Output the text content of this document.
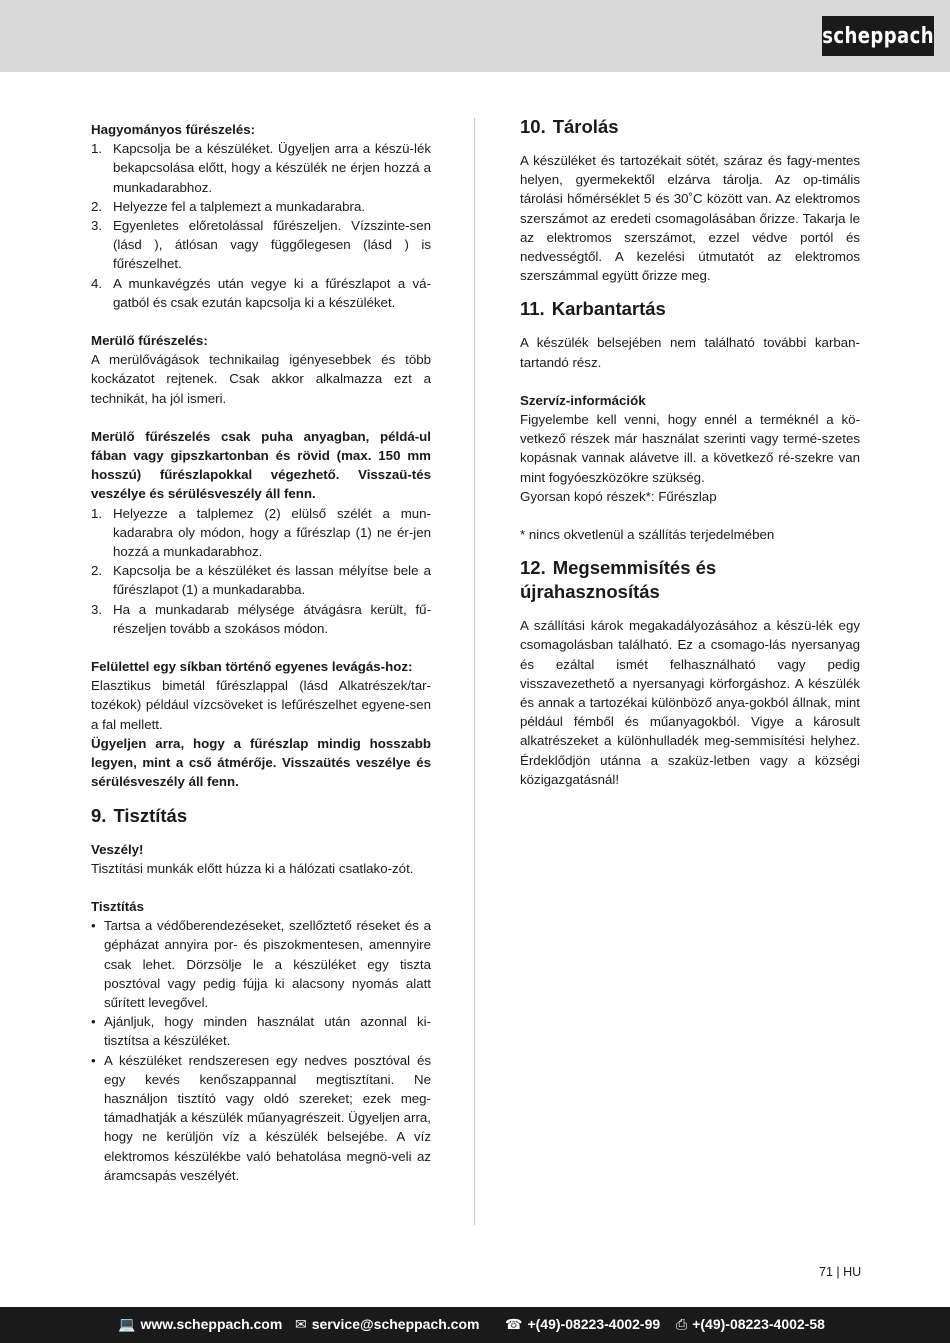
scheppach

Hagyományos fűrészelés:

1. Kapcsolja be a készüléket. Ügyeljen arra a készü-lék bekapcsolása előtt, hogy a készülék ne érjen hozzá a munkadarabhoz.
2. Helyezze fel a talplemezt a munkadarabra.
3. Egyenletes előretolással fűrészeljen. Vízszinte-sen (lásd ), átlósan vagy függőlegesen (lásd ) is fűrészelhet.
4. A munkavégzés után vegye ki a fűrészlapot a vá-gatból és csak ezután kapcsolja ki a készüléket.

Merülő fűrészelés:

A merülővágások technikailag igényesebbek és több kockázatot rejtenek. Csak akkor alkalmazza ezt a technikát, ha jól ismeri.

Merülő fűrészelés csak puha anyagban, példá-ul fában vagy gipszkartonban és rövid (max. 150 mm hosszú) fűrészlapokkal végezhető. Visszaü-tés veszélye és sérülésveszély áll fenn.

1. Helyezze a talplemez (2) elülső szélét a mun-kadarabra oly módon, hogy a fűrészlap (1) ne ér-jen hozzá a munkadarabhoz.
2. Kapcsolja be a készüléket és lassan mélyítse bele a fűrészlapot (1) a munkadarabba.
3. Ha a munkadarab mélysége átvágásra került, fű-részeljen tovább a szokásos módon.

Felülettel egy síkban történő egyenes levágás-hoz:

Elasztikus bimetál fűrészlappal (lásd Alkatrészek/tar-tozékok) például vízcsöveket is lefűrészelhet egyene-sen a fal mellett.

Ügyeljen arra, hogy a fűrészlap mindig hosszabb legyen, mint a cső átmérője. Visszaütés veszélye és sérülésveszély áll fenn.

9. Tisztítás

Veszély!

Tisztítási munkák előtt húzza ki a hálózati csatlako-zót.

Tisztítás

• Tartsa a védőberendezéseket, szellőztető réseket és a gépházat annyira por- és piszokmentesen, amennyire csak lehet. Dörzsölje le a készüléket egy tiszta posztóval vagy pedig fújja ki alacsony nyomás alatt sűrített levegővel.
• Ajánljuk, hogy minden használat után azonnal ki-tisztítsa a készüléket.
• A készüléket rendszeresen egy nedves posztóval és egy kevés kenőszappannal megtisztítani. Ne használjon tisztító vagy oldó szereket; ezek meg-támadhatják a készülék műanyagrészeit. Ügyeljen arra, hogy ne kerüljön víz a készülék belsejébe. A víz elektromos készülékbe való behatolása megnö-veli az áramcsapás veszélyét.
10. Tárolás

A készüléket és tartozékait sötét, száraz és fagy-mentes helyen, gyermekektől elzárva tárolja. Az op-timális tárolási hőmérséklet 5 és 30˚C között van. Az elektromos szerszámot az eredeti csomagolásában őrizze. Takarja le az elektromos szerszámot, ezzel védve portól és nedvességtől. A kezelési útmutatót az elektromos szerszámmal együtt őrizze meg.

11. Karbantartás

A készülék belsejében nem található további karban-tartandó rész.

Szervíz-információk

Figyelembe kell venni, hogy ennél a terméknél a kö-vetkező részek már használat szerinti vagy termé-szetes kopásnak vannak alávetve ill. a következő ré-szekre van mint fogyóeszközökre szükség.

Gyorsan kopó részek*: Fűrészlap

* nincs okvetlenül a szállítás terjedelmében

12. Megsemmisítés és újrahasznosítás

A szállítási károk megakadályozásához a készü-lék egy csomagolásban található. Ez a csomago-lás nyersanyag és ezáltal ismét felhasználható vagy pedig visszavezethető a nyersanyagi körforgáshoz. A készülék és annak a tartozékai különböző anya-gokból állnak, mint például fémből és műanyagokból. Vigye a károsult alkatrészeket a különhulladék meg-semmisítési helyhez. Érdeklődjön utánna a szaküz-letben vagy a községi közigazgatásnál!

71 | HU
💻 www.scheppach.com ✉ service@scheppach.com ☎ +(49)-08223-4002-99 ⎙ +(49)-08223-4002-58
